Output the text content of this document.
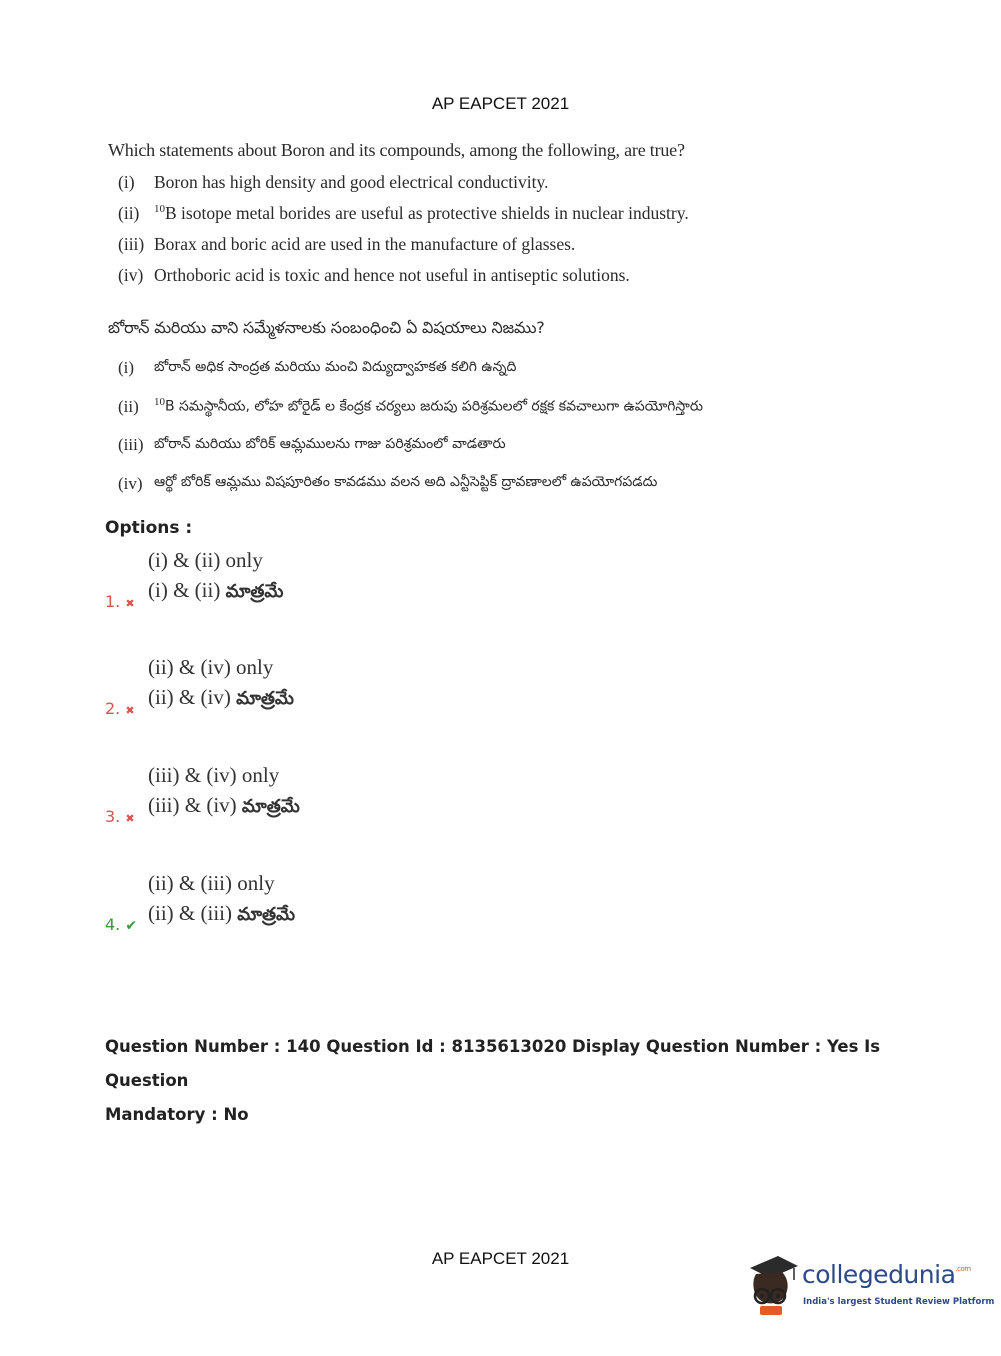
AP EAPCET 2021
Which statements about Boron and its compounds, among the following, are true?
(i)	Boron has high density and good electrical conductivity.
(ii)	$^{10}$B isotope metal borides are useful as protective shields in nuclear industry.
(iii) Borax and boric acid are used in the manufacture of glasses.
(iv) Orthoboric acid is toxic and hence not useful in antiseptic solutions.
బోరాన్ మరియు వాని సమ్మేళనాలకు సంబంధించి ఏ విషయాలు నిజము?
(i)	బోరాన్ అధిక సాంద్రత మరియు మంచి విద్యుద్వాహకత కలిగి ఉన్నది
(ii)	$^{10}$B సమస్థానీయ, లోహ బోరైడ్ ల కేంద్రక చర్యలు జరుపు పరిశ్రమలలో రక్షక కవచాలుగా ఉపయోగిస్తారు
(iii) బోరాన్ మరియు బోరిక్ ఆమ్లములను గాజు పరిశ్రమంలో వాడతారు
(iv) ఆర్థో బోరిక్ ఆమ్లము విషపూరితం కావడము వలన అది ఎన్టీసెప్టిక్ ద్రావణాలలో ఉపయోగపడదు
Options :
(i) & (ii) only
(i) & (ii) మాత్రమే
1. ✖
(ii) & (iv) only
(ii) & (iv) మాత్రమే
2. ✖
(iii) & (iv) only
(iii) & (iv) మాత్రమే
3. ✖
(ii) & (iii) only
(ii) & (iii) మాత్రమే
4. ✔
Question Number : 140 Question Id : 8135613020 Display Question Number : Yes Is Question
Mandatory : No
AP EAPCET 2021
collegedunia$^{.com}$
India's largest Student Review Platform
